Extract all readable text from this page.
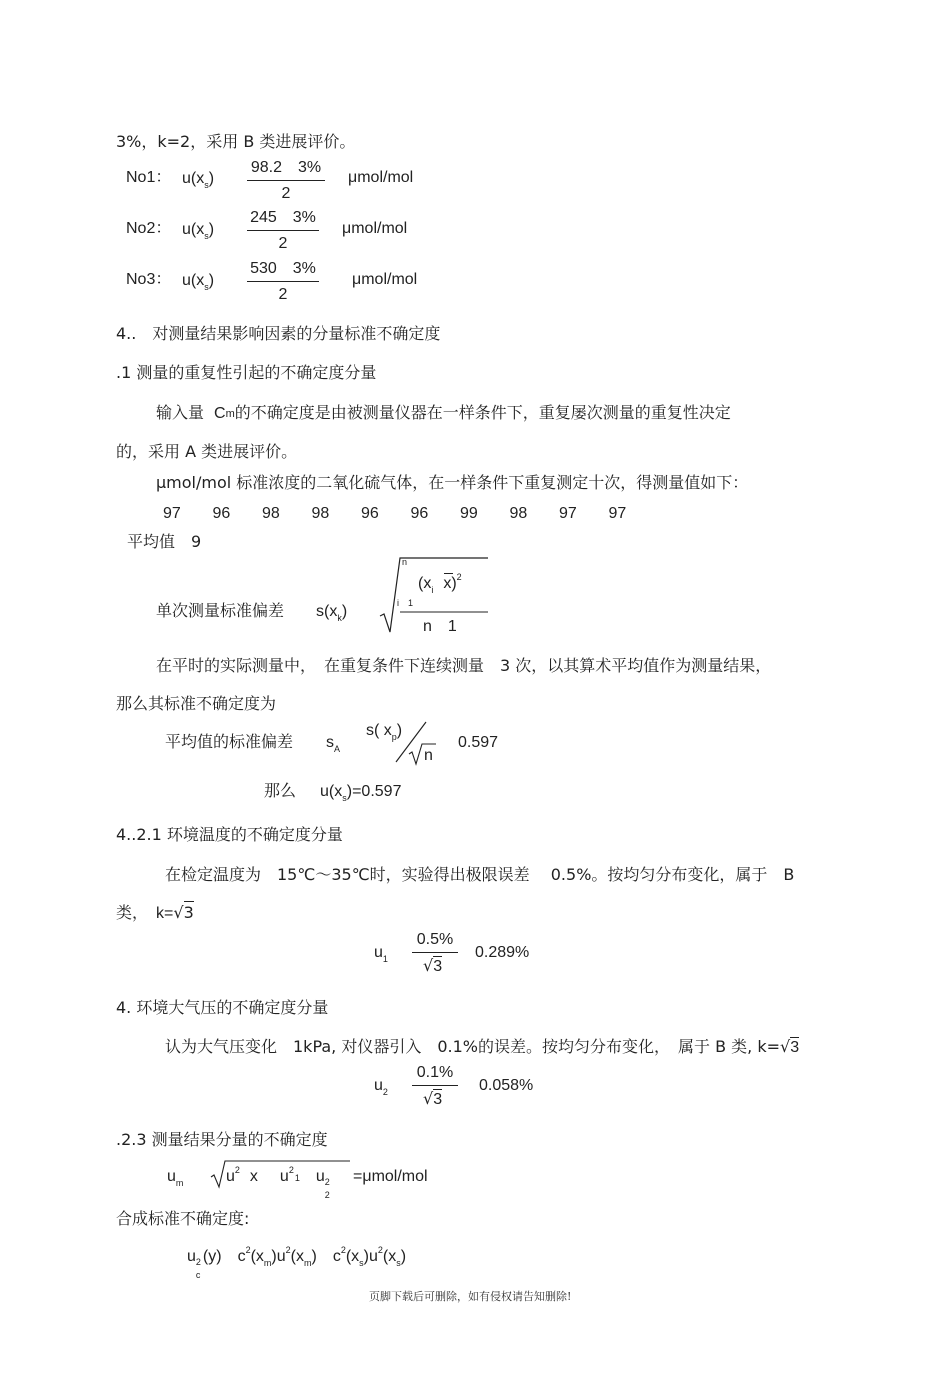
3%，k=2，采用 B 类进展评价。
No1： $u(x_s)$
98.2　3%
2
μmol/mol
No2： $u(x_s)$
245　3%
2
μmol/mol
No3： $u(x_s)$
530　3%
2
μmol/mol
4..　对测量结果影响因素的分量标准不确定度
.1 测量的重复性引起的不确定度分量
输入量 Cm的不确定度是由被测量仪器在一样条件下，重复屡次测量的重复性决定
的，采用 A 类进展评价。
μmol/mol 标准浓度的二氧化硫气体，在一样条件下重复测定十次，得测量值如下：
97 96 98 98 96 96 99 98 97 97
平均值　9
单次测量标准偏差 $s(x_k)$
n
i　1
($x_i$ x)$^2$
n　1
在平时的实际测量中，　在重复条件下连续测量　3 次，以其算术平均值作为测量结果，
那么其标准不确定度为
平均值的标准偏差 $s_A$
s( $x_p$)
n
0.597
那么 $u(x_s)=0.597$
4..2.1 环境温度的不确定度分量
在检定温度为　15℃～35℃时，实验得出极限误差　 0.5%。按均匀分布变化，属于　B
类， k=√3
$u_1$
0.5%
√3
0.289%
4. 环境大气压的不确定度分量
认为大气压变化　1kPa, 对仪器引入　0.1%的误差。按均匀分布变化，　属于 B 类, k=√3
$u_2$
0.1%
√3
0.058%
.2.3 测量结果分量的不确定度
$u_m$	$u^2$ x $u^21$ u 2
2
=μmol/mol
合成标准不确定度:
u 2
c
(y) $c^2(x_m)u^2(x_m)$ $c^2(x_s)u^2(x_s)$
页脚下载后可删除，如有侵权请告知删除!
